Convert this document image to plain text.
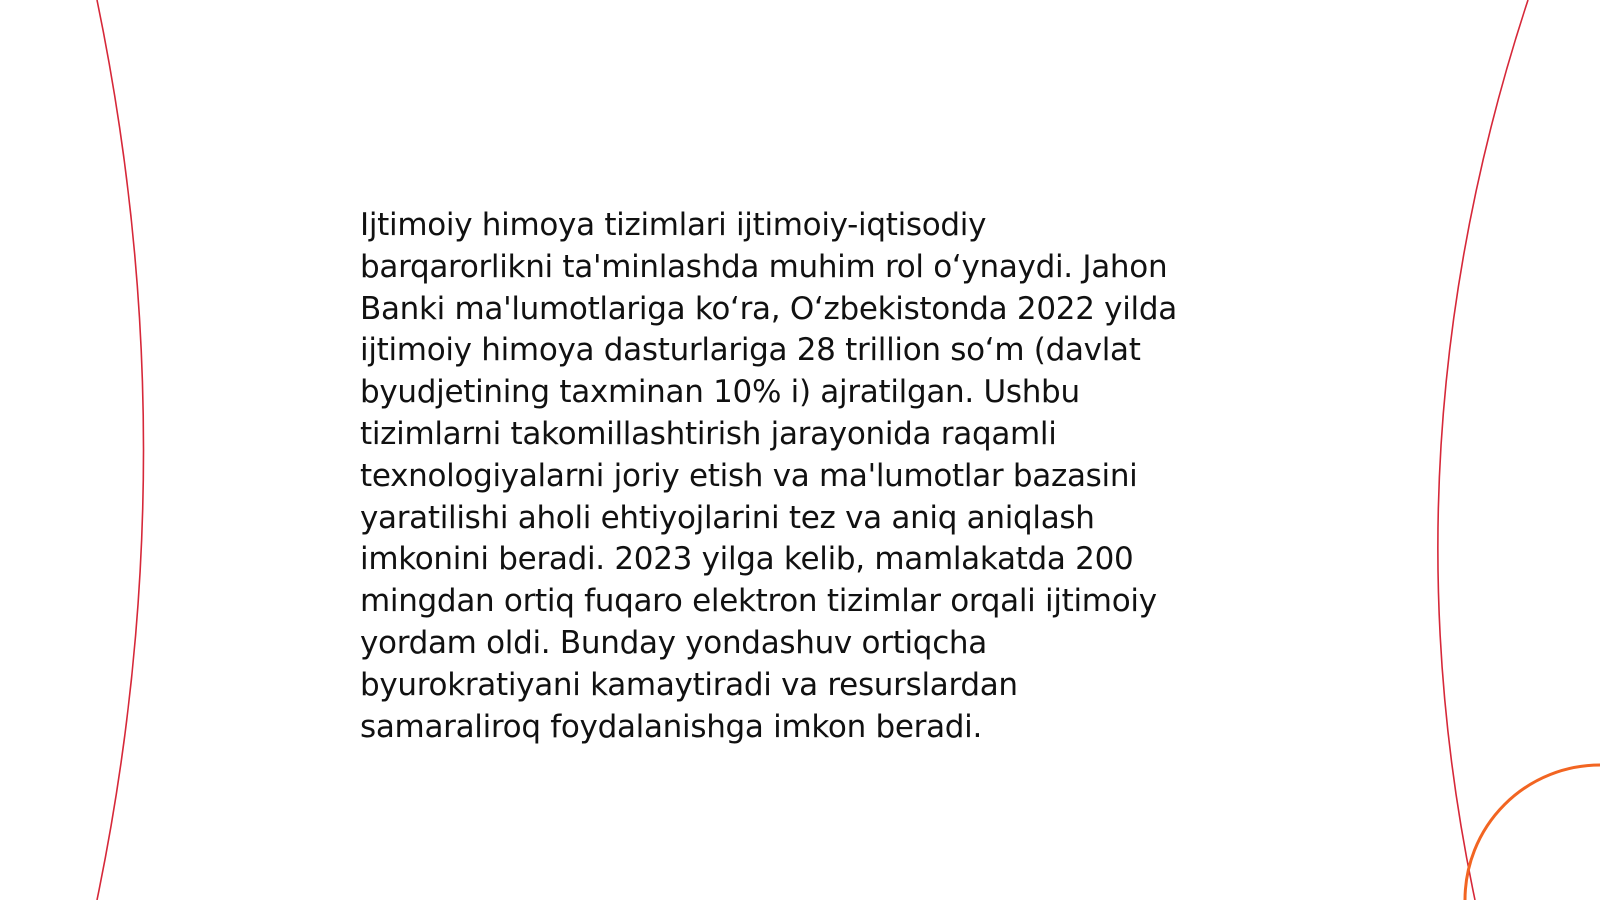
Ijtimoiy himoya tizimlari ijtimoiy-iqtisodiy
barqarorlikni ta'minlashda muhim rol oʻynaydi. Jahon
Banki ma'lumotlariga koʻra, Oʻzbekistonda 2022 yilda
ijtimoiy himoya dasturlariga 28 trillion soʻm (davlat
byudjetining taxminan 10% i) ajratilgan. Ushbu
tizimlarni takomillashtirish jarayonida raqamli
texnologiyalarni joriy etish va ma'lumotlar bazasini
yaratilishi aholi ehtiyojlarini tez va aniq aniqlash
imkonini beradi. 2023 yilga kelib, mamlakatda 200
mingdan ortiq fuqaro elektron tizimlar orqali ijtimoiy
yordam oldi. Bunday yondashuv ortiqcha
byurokratiyani kamaytiradi va resurslardan
samaraliroq foydalanishga imkon beradi.
